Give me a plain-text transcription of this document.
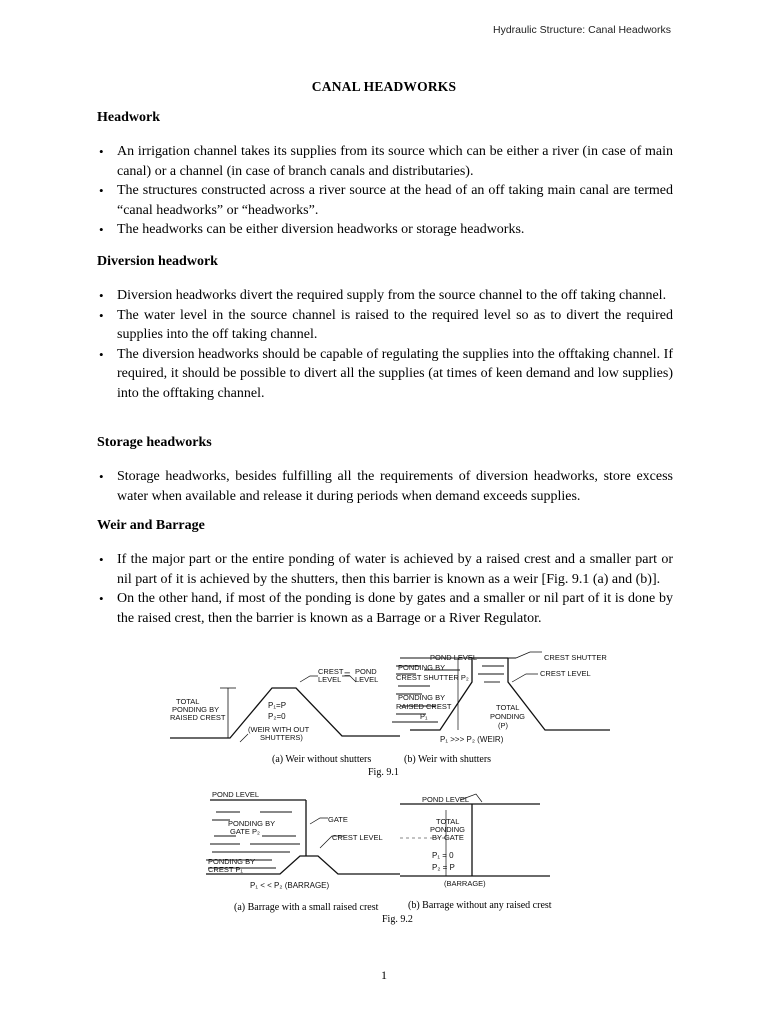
Hydraulic Structure: Canal Headworks
CANAL HEADWORKS
Headwork
• An irrigation channel takes its supplies from its source which can be either a river (in case of main canal) or a channel (in case of branch canals and distributaries).
• The structures constructed across a river source at the head of an off taking main canal are termed “canal headworks” or “headworks”.
• The headworks can be either diversion headworks or storage headworks.
Diversion headwork
• Diversion headworks divert the required supply from the source channel to the off taking channel.
• The water level in the source channel is raised to the required level so as to divert the required supplies into the off taking channel.
• The diversion headworks should be capable of regulating the supplies into the offtaking channel. If required, it should be possible to divert all the supplies (at times of keen demand and low supplies) into the offtaking channel.
Storage headworks
• Storage headworks, besides fulfilling all the requirements of diversion headworks, store excess water when available and release it during periods when demand exceeds supplies.
Weir and Barrage
• If the major part or the entire ponding of water is achieved by a raised crest and a smaller part or nil part of it is achieved by the shutters, then this barrier is known as a weir [Fig. 9.1 (a) and (b)].
• On the other hand, if most of the ponding is done by gates and a smaller or nil part of it is done by the raised crest, then the barrier is known as a Barrage or a River Regulator.
TOTAL
PONDING BY
RAISED CREST
CREST
LEVEL = POND
LEVEL
P₁=P
P₂=0
(WEIR WITH OUT
SHUTTERS)
POND LEVEL	CREST SHUTTER
CREST LEVEL
PONDING BY
CREST SHUTTER P₂
PONDING BY
RAISED CREST
P₁
TOTAL
PONDING
(P)
P₁ >>> P₂ (WEIR)
(a) Weir without shutters	(b) Weir with shutters
Fig. 9.1
POND LEVEL
PONDING BY
GATE P₂
GATE
CREST LEVEL
PONDING BY
CREST P₁
P₁ < < P₂ (BARRAGE)
POND LEVEL
TOTAL
PONDING
BY GATE
P₁ = 0
P₂ = P
(BARRAGE)
(a) Barrage with a small raised crest	(b) Barrage without any raised crest
Fig. 9.2
1
